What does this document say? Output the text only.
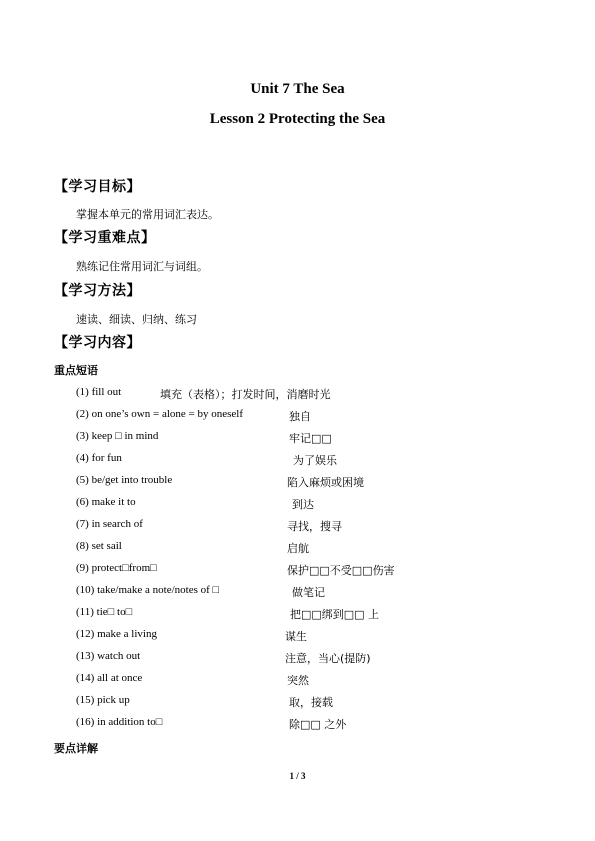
Unit 7 The Sea
Lesson 2 Protecting the Sea
【学习目标】
掌握本单元的常用词汇表达。
【学习重难点】
熟练记住常用词汇与词组。
【学习方法】
速读、细读、归纳、练习
【学习内容】
重点短语
(1) fill out	填充（表格）；打发时间，消磨时光
(2) on one’s own = alone = by oneself	独自
(3) keep □ in mind	牢记□□
(4) for fun	为了娱乐
(5) be/get into trouble	陷入麻烦或困境
(6) make it to	到达
(7) in search of	寻找，搜寻
(8) set sail	启航
(9) protect□from□	保护□□不受□□伤害
(10) take/make a note/notes of □	做笔记
(11) tie□ to□	把□□绑到□□ 上
(12) make a living	谋生
(13) watch out	注意，当心(提防)
(14) all at once	突然
(15) pick up	取，接载
(16) in addition to□	除□□ 之外
要点详解
1 / 3
